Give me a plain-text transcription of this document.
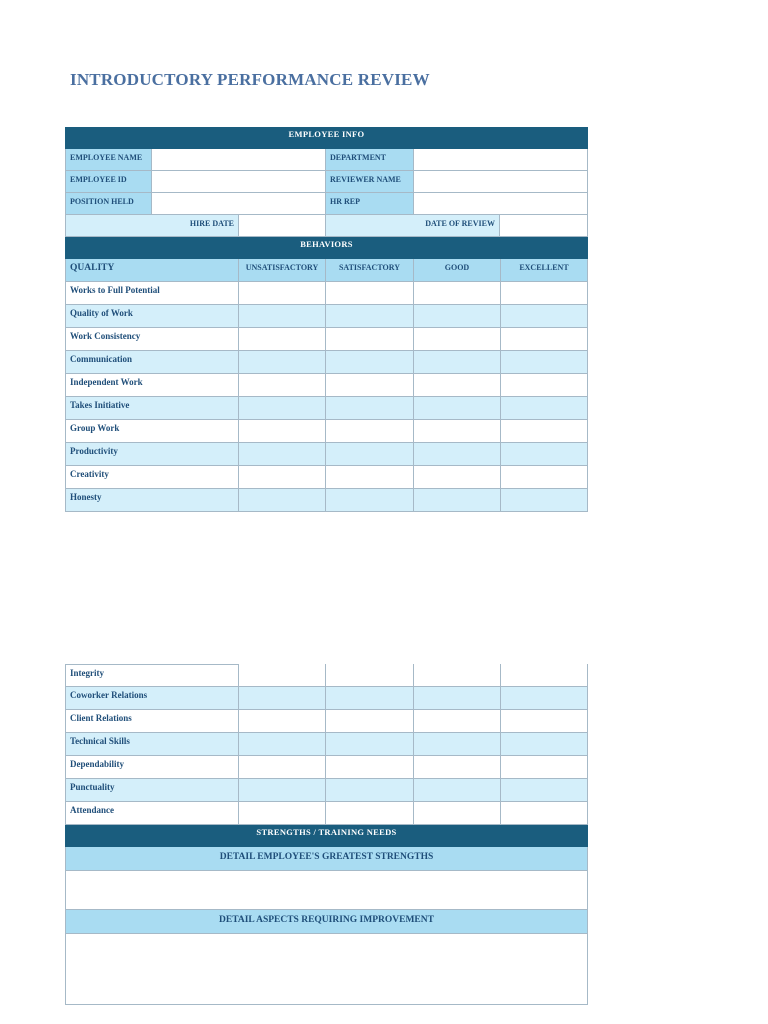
INTRODUCTORY PERFORMANCE REVIEW
EMPLOYEE INFO
EMPLOYEE NAME	DEPARTMENT
EMPLOYEE ID	REVIEWER NAME
POSITION HELD	HR REP
HIRE DATE	DATE OF REVIEW
BEHAVIORS
QUALITY	UNSATISFACTORY	SATISFACTORY	GOOD	EXCELLENT
Works to Full Potential
Quality of Work
Work Consistency
Communication
Independent Work
Takes Initiative
Group Work
Productivity
Creativity
Honesty
Integrity
Coworker Relations
Client Relations
Technical Skills
Dependability
Punctuality
Attendance
STRENGTHS / TRAINING NEEDS
DETAIL EMPLOYEE'S GREATEST STRENGTHS
DETAIL ASPECTS REQUIRING IMPROVEMENT
